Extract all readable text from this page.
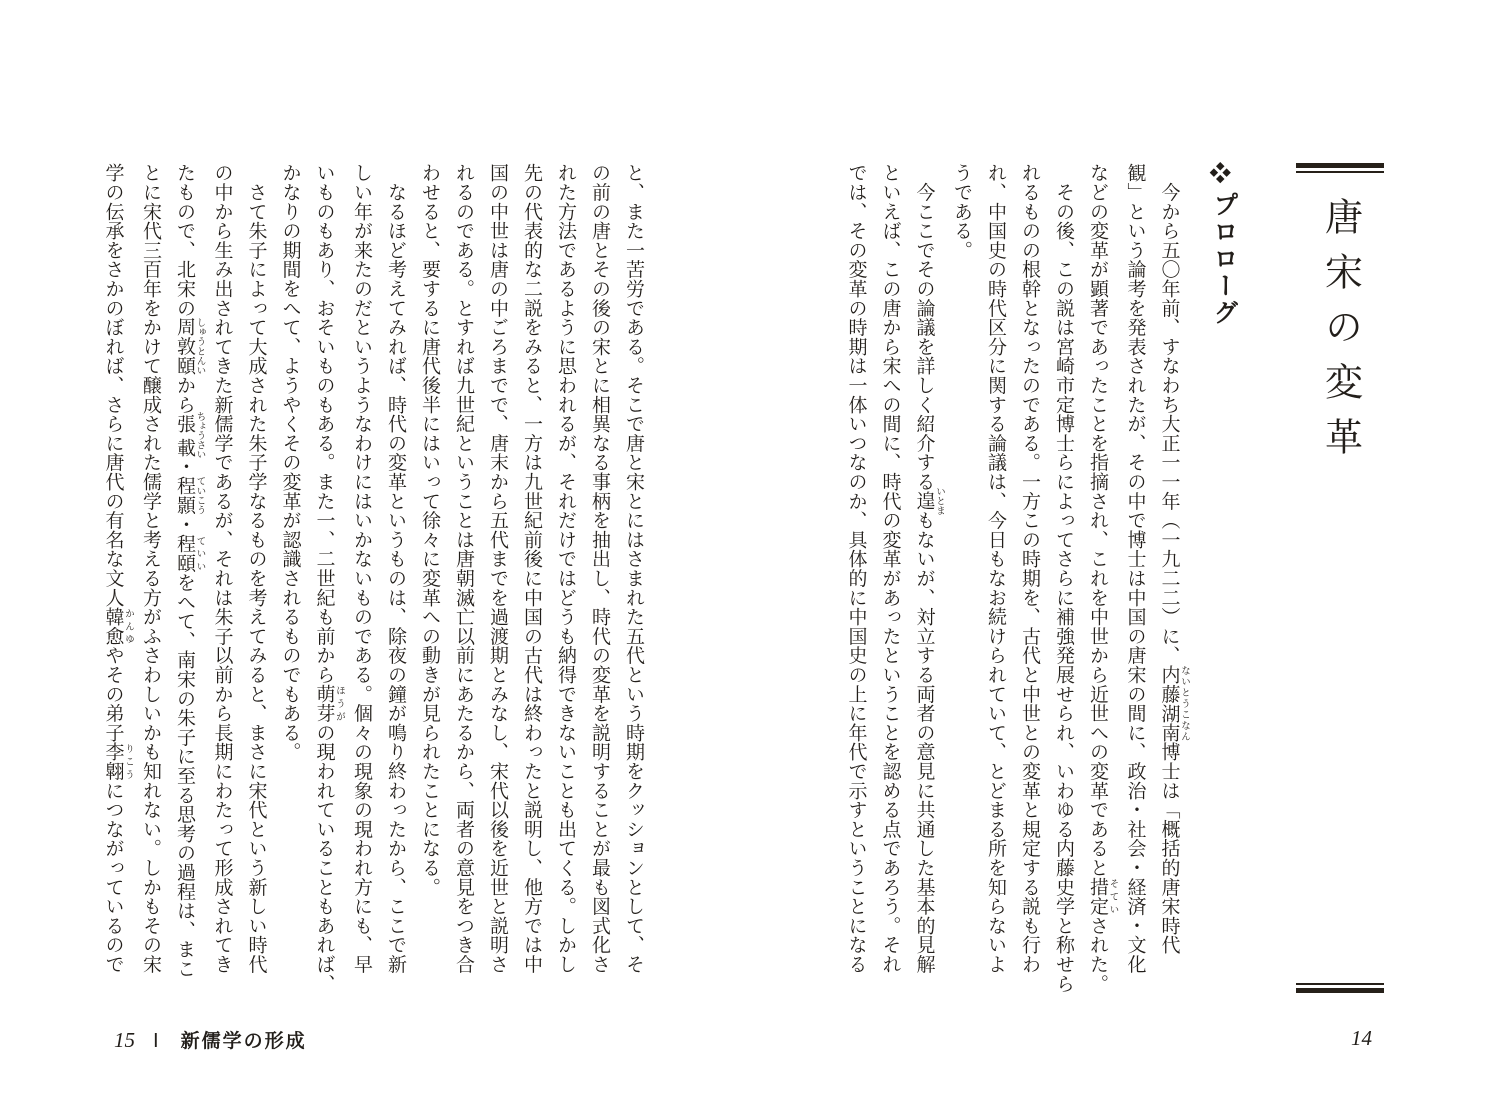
唐宋の変革
プロローグ
　今から五〇年前、すなわち大正一一年（一九二二）に、内藤湖南 ないとうこなん博士は「概括的唐宋時代
観」という論考を発表されたが、その中で博士は中国の唐宋の間に、政治・社会・経済・文化
などの変革が顕著であったことを指摘され、これを中世から近世への変革であると措定 そていされた。
　その後、この説は宮崎市定博士らによってさらに補強発展せられ、いわゆる内藤史学と称せら
れるものの根幹となったのである。一方この時期を、古代と中世との変革と規定する説も行わ
れ、中国史の時代区分に関する論議は、今日もなお続けられていて、とどまる所を知らないよ
うである。
　今ここでその論議を詳しく紹介する遑 いとまもないが、対立する両者の意見に共通した基本的見解
といえば、この唐から宋への間に、時代の変革があったということを認める点であろう。それ
では、その変革の時期は一体いつなのか、具体的に中国史の上に年代で示すということになる
と、また一苦労である。そこで唐と宋とにはさまれた五代という時期をクッションとして、そ
の前の唐とその後の宋とに相異なる事柄を抽出し、時代の変革を説明することが最も図式化さ
れた方法であるように思われるが、それだけではどうも納得できないことも出てくる。しかし
先の代表的な二説をみると、一方は九世紀前後に中国の古代は終わったと説明し、他方では中
国の中世は唐の中ごろまでで、唐末から五代までを過渡期とみなし、宋代以後を近世と説明さ
れるのである。とすれば九世紀ということは唐朝滅亡以前にあたるから、両者の意見をつき合
わせると、要するに唐代後半にはいって徐々に変革への動きが見られたことになる。
　なるほど考えてみれば、時代の変革というものは、除夜の鐘が鳴り終わったから、ここで新
しい年が来たのだというようなわけにはいかないものである。個々の現象の現われ方にも、早
いものもあり、おそいものもある。また一、二世紀も前から萌芽 ほうがの現われていることもあれば、
かなりの期間をへて、ようやくその変革が認識されるものでもある。
　さて朱子によって大成された朱子学なるものを考えてみると、まさに宋代という新しい時代
の中から生み出されてきた新儒学であるが、それは朱子以前から長期にわたって形成されてき
たもので、北宋の周敦頤 しゅうとんいから張載 ちょうさい・程顥 ていこう・程頤 ていいをへて、南宋の朱子に至る思考の過程は、まこ
とに宋代三百年をかけて醸成された儒学と考える方がふさわしいかも知れない。しかもその宋
学の伝承をさかのぼれば、さらに唐代の有名な文人韓愈 かんゆやその弟子李翺 りこうにつながっているので
15 Ⅰ 新儒学の形成	14
